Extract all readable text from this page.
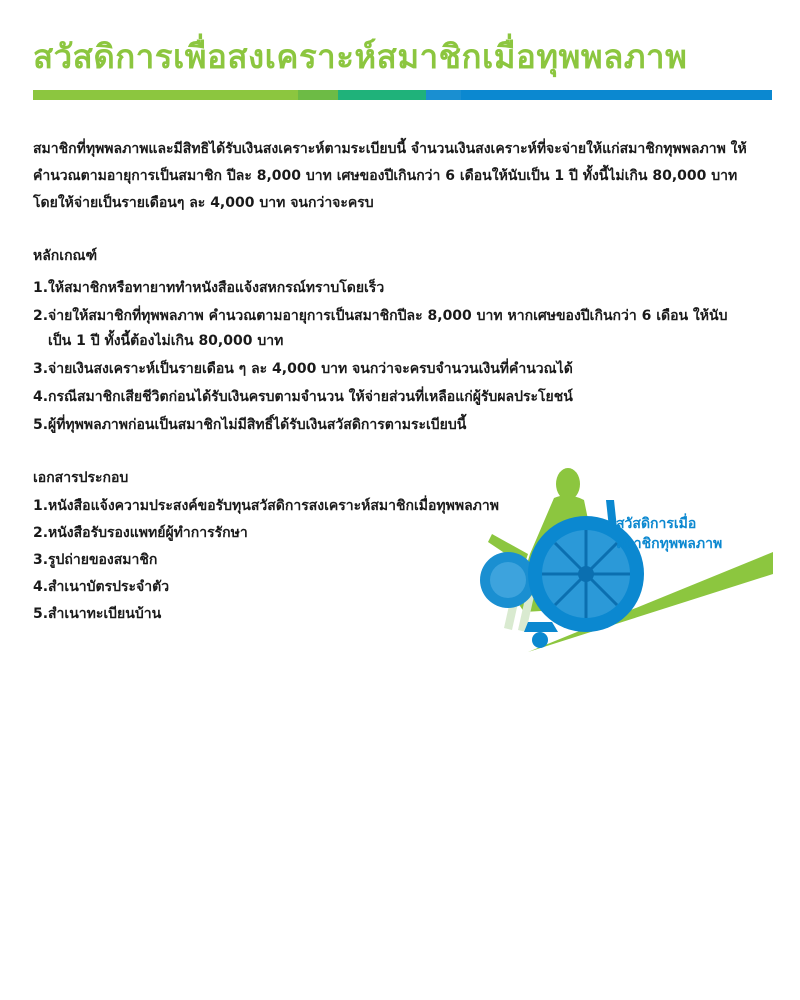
สวัสดิการเพื่อสงเคราะห์สมาชิกเมื่อทุพพลภาพ

สมาชิกที่ทุพพลภาพและมีสิทธิได้รับเงินสงเคราะห์ตามระเบียบนี้ จำนวนเงินสงเคราะห์ที่จะจ่ายให้แก่สมาชิกทุพพลภาพ ให้คำนวณตามอายุการเป็นสมาชิก ปีละ 8,000 บาท เศษของปีเกินกว่า 6 เดือนให้นับเป็น 1 ปี ทั้งนี้ไม่เกิน 80,000 บาท โดยให้จ่ายเป็นรายเดือนๆ ละ 4,000 บาท จนกว่าจะครบ

หลักเกณฑ์
1. ให้สมาชิกหรือทายาททำหนังสือแจ้งสหกรณ์ทราบโดยเร็ว
2. จ่ายให้สมาชิกที่ทุพพลภาพ คำนวณตามอายุการเป็นสมาชิกปีละ 8,000 บาท หากเศษของปีเกินกว่า 6 เดือน ให้นับเป็น 1 ปี ทั้งนี้ต้องไม่เกิน 80,000 บาท
3. จ่ายเงินสงเคราะห์เป็นรายเดือน ๆ ละ 4,000 บาท จนกว่าจะครบจำนวนเงินที่คำนวณได้
4. กรณีสมาชิกเสียชีวิตก่อนได้รับเงินครบตามจำนวน ให้จ่ายส่วนที่เหลือแก่ผู้รับผลประโยชน์
5. ผู้ที่ทุพพลภาพก่อนเป็นสมาชิกไม่มีสิทธิ์ได้รับเงินสวัสดิการตามระเบียบนี้
เอกสารประกอบ
1. หนังสือแจ้งความประสงค์ขอรับทุนสวัสดิการสงเคราะห์สมาชิกเมื่อทุพพลภาพ
2. หนังสือรับรองแพทย์ผู้ทำการรักษา
3. รูปถ่ายของสมาชิก
4. สำเนาบัตรประจำตัว
5. สำเนาทะเบียนบ้าน
สวัสดิการเมื่อ
สมาชิกทุพพลภาพ
